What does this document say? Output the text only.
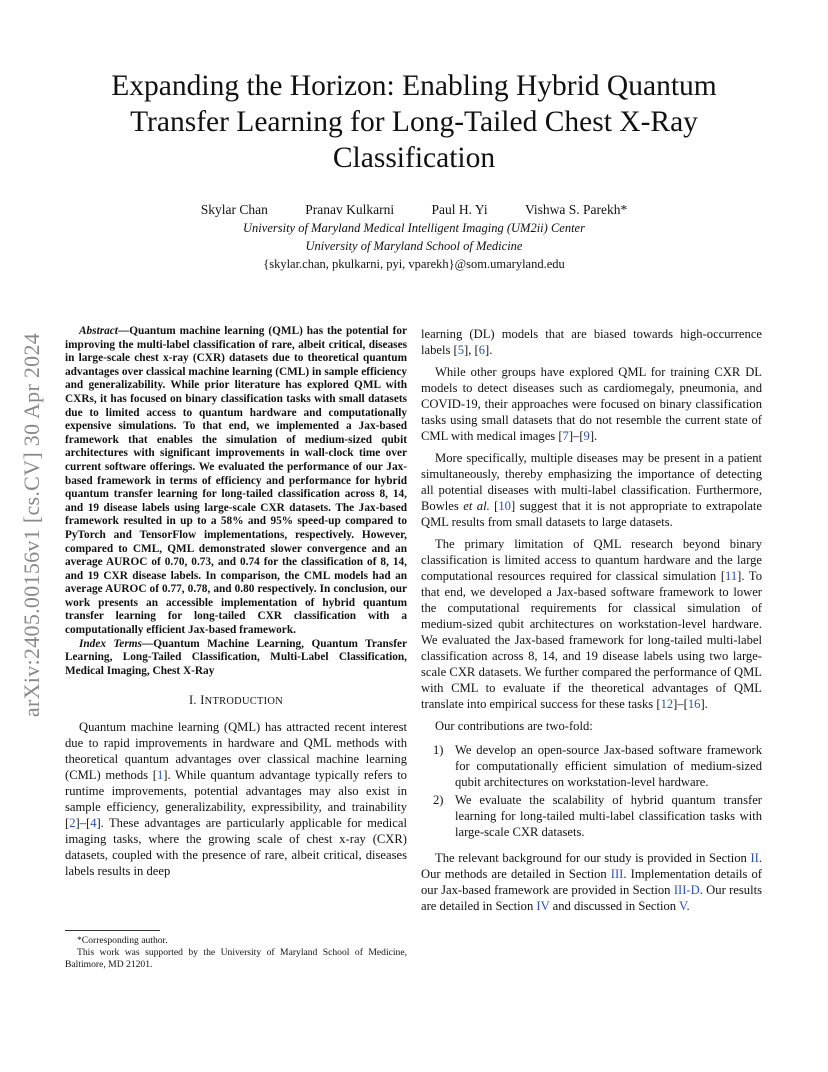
arXiv:2405.00156v1 [cs.CV] 30 Apr 2024
Expanding the Horizon: Enabling Hybrid Quantum Transfer Learning for Long-Tailed Chest X-Ray Classification
Skylar Chan	Pranav Kulkarni	Paul H. Yi	Vishwa S. Parekh*
University of Maryland Medical Intelligent Imaging (UM2ii) Center
University of Maryland School of Medicine
{skylar.chan, pkulkarni, pyi, vparekh}@som.umaryland.edu

Abstract—Quantum machine learning (QML) has the potential for improving the multi-label classification of rare, albeit critical, diseases in large-scale chest x-ray (CXR) datasets due to theoretical quantum advantages over classical machine learning (CML) in sample efficiency and generalizability. While prior literature has explored QML with CXRs, it has focused on binary classification tasks with small datasets due to limited access to quantum hardware and computationally expensive simulations. To that end, we implemented a Jax-based framework that enables the simulation of medium-sized qubit architectures with significant improvements in wall-clock time over current software offerings. We evaluated the performance of our Jax-based framework in terms of efficiency and performance for hybrid quantum transfer learning for long-tailed classification across 8, 14, and 19 disease labels using large-scale CXR datasets. The Jax-based framework resulted in up to a 58% and 95% speed-up compared to PyTorch and TensorFlow implementations, respectively. However, compared to CML, QML demonstrated slower convergence and an average AUROC of 0.70, 0.73, and 0.74 for the classification of 8, 14, and 19 CXR disease labels. In comparison, the CML models had an average AUROC of 0.77, 0.78, and 0.80 respectively. In conclusion, our work presents an accessible implementation of hybrid quantum transfer learning for long-tailed CXR classification with a computationally efficient Jax-based framework.

Index Terms—Quantum Machine Learning, Quantum Transfer Learning, Long-Tailed Classification, Multi-Label Classification, Medical Imaging, Chest X-Ray

I. INTRODUCTION

Quantum machine learning (QML) has attracted recent interest due to rapid improvements in hardware and QML methods with theoretical quantum advantages over classical machine learning (CML) methods [1]. While quantum advantage typically refers to runtime improvements, potential advantages may also exist in sample efficiency, generalizability, expressibility, and trainability [2]–[4]. These advantages are particularly applicable for medical imaging tasks, where the growing scale of chest x-ray (CXR) datasets, coupled with the presence of rare, albeit critical, diseases labels results in deep

learning (DL) models that are biased towards high-occurrence labels [5], [6].

While other groups have explored QML for training CXR DL models to detect diseases such as cardiomegaly, pneumonia, and COVID-19, their approaches were focused on binary classification tasks using small datasets that do not resemble the current state of CML with medical images [7]–[9].

More specifically, multiple diseases may be present in a patient simultaneously, thereby emphasizing the importance of detecting all potential diseases with multi-label classification. Furthermore, Bowles et al. [10] suggest that it is not appropriate to extrapolate QML results from small datasets to large datasets.

The primary limitation of QML research beyond binary classification is limited access to quantum hardware and the large computational resources required for classical simulation [11]. To that end, we developed a Jax-based software framework to lower the computational requirements for classical simulation of medium-sized qubit architectures on workstation-level hardware. We evaluated the Jax-based framework for long-tailed multi-label classification across 8, 14, and 19 disease labels using two large-scale CXR datasets. We further compared the performance of QML with CML to evaluate if the theoretical advantages of QML translate into empirical success for these tasks [12]–[16].

Our contributions are two-fold:

1) We develop an open-source Jax-based software framework for computationally efficient simulation of medium-sized qubit architectures on workstation-level hardware.
2) We evaluate the scalability of hybrid quantum transfer learning for long-tailed multi-label classification tasks with large-scale CXR datasets.

The relevant background for our study is provided in Section II. Our methods are detailed in Section III. Implementation details of our Jax-based framework are provided in Section III-D. Our results are detailed in Section IV and discussed in Section V.

*Corresponding author.

This work was supported by the University of Maryland School of Medicine, Baltimore, MD 21201.
